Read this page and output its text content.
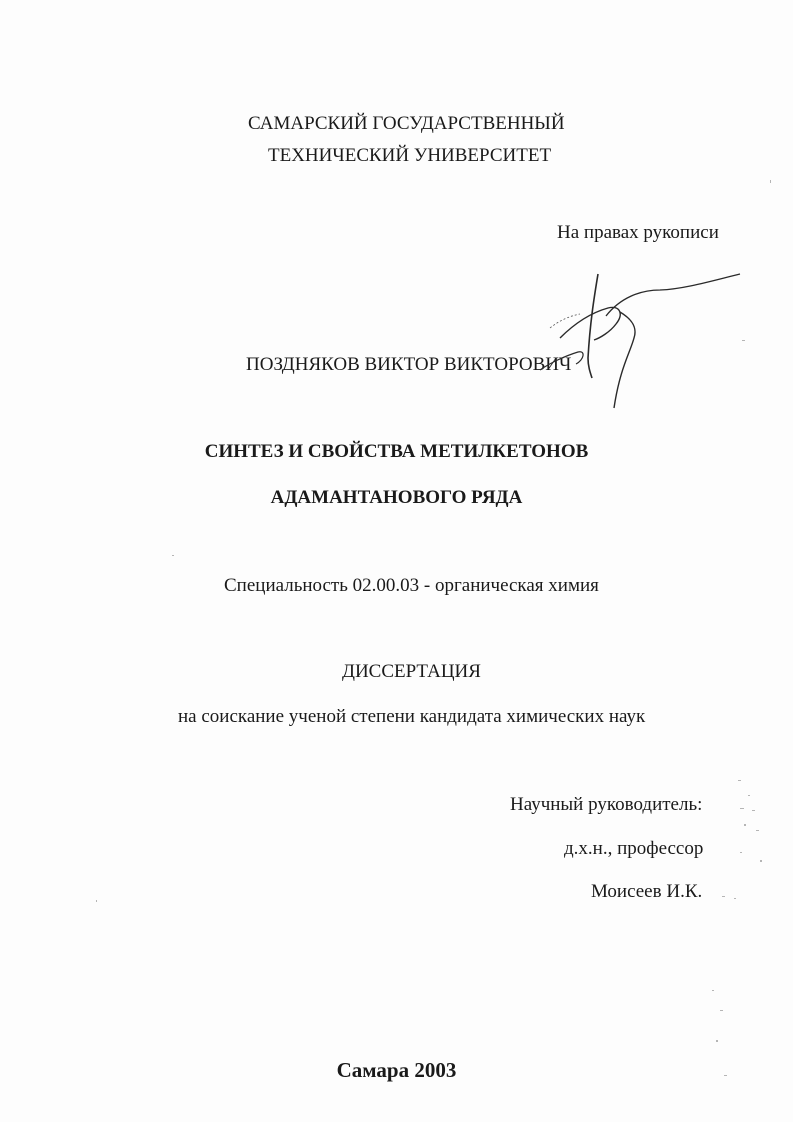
САМАРСКИЙ ГОСУДАРСТВЕННЫЙ
ТЕХНИЧЕСКИЙ УНИВЕРСИТЕТ
На правах рукописи
ПОЗДНЯКОВ ВИКТОР ВИКТОРОВИЧ
СИНТЕЗ И СВОЙСТВА МЕТИЛКЕТОНОВ
АДАМАНТАНОВОГО РЯДА
Специальность 02.00.03 - органическая химия
ДИССЕРТАЦИЯ
на соискание ученой степени кандидата химических наук
Научный руководитель:
д.х.н., профессор
Моисеев И.К.
Самара 2003
